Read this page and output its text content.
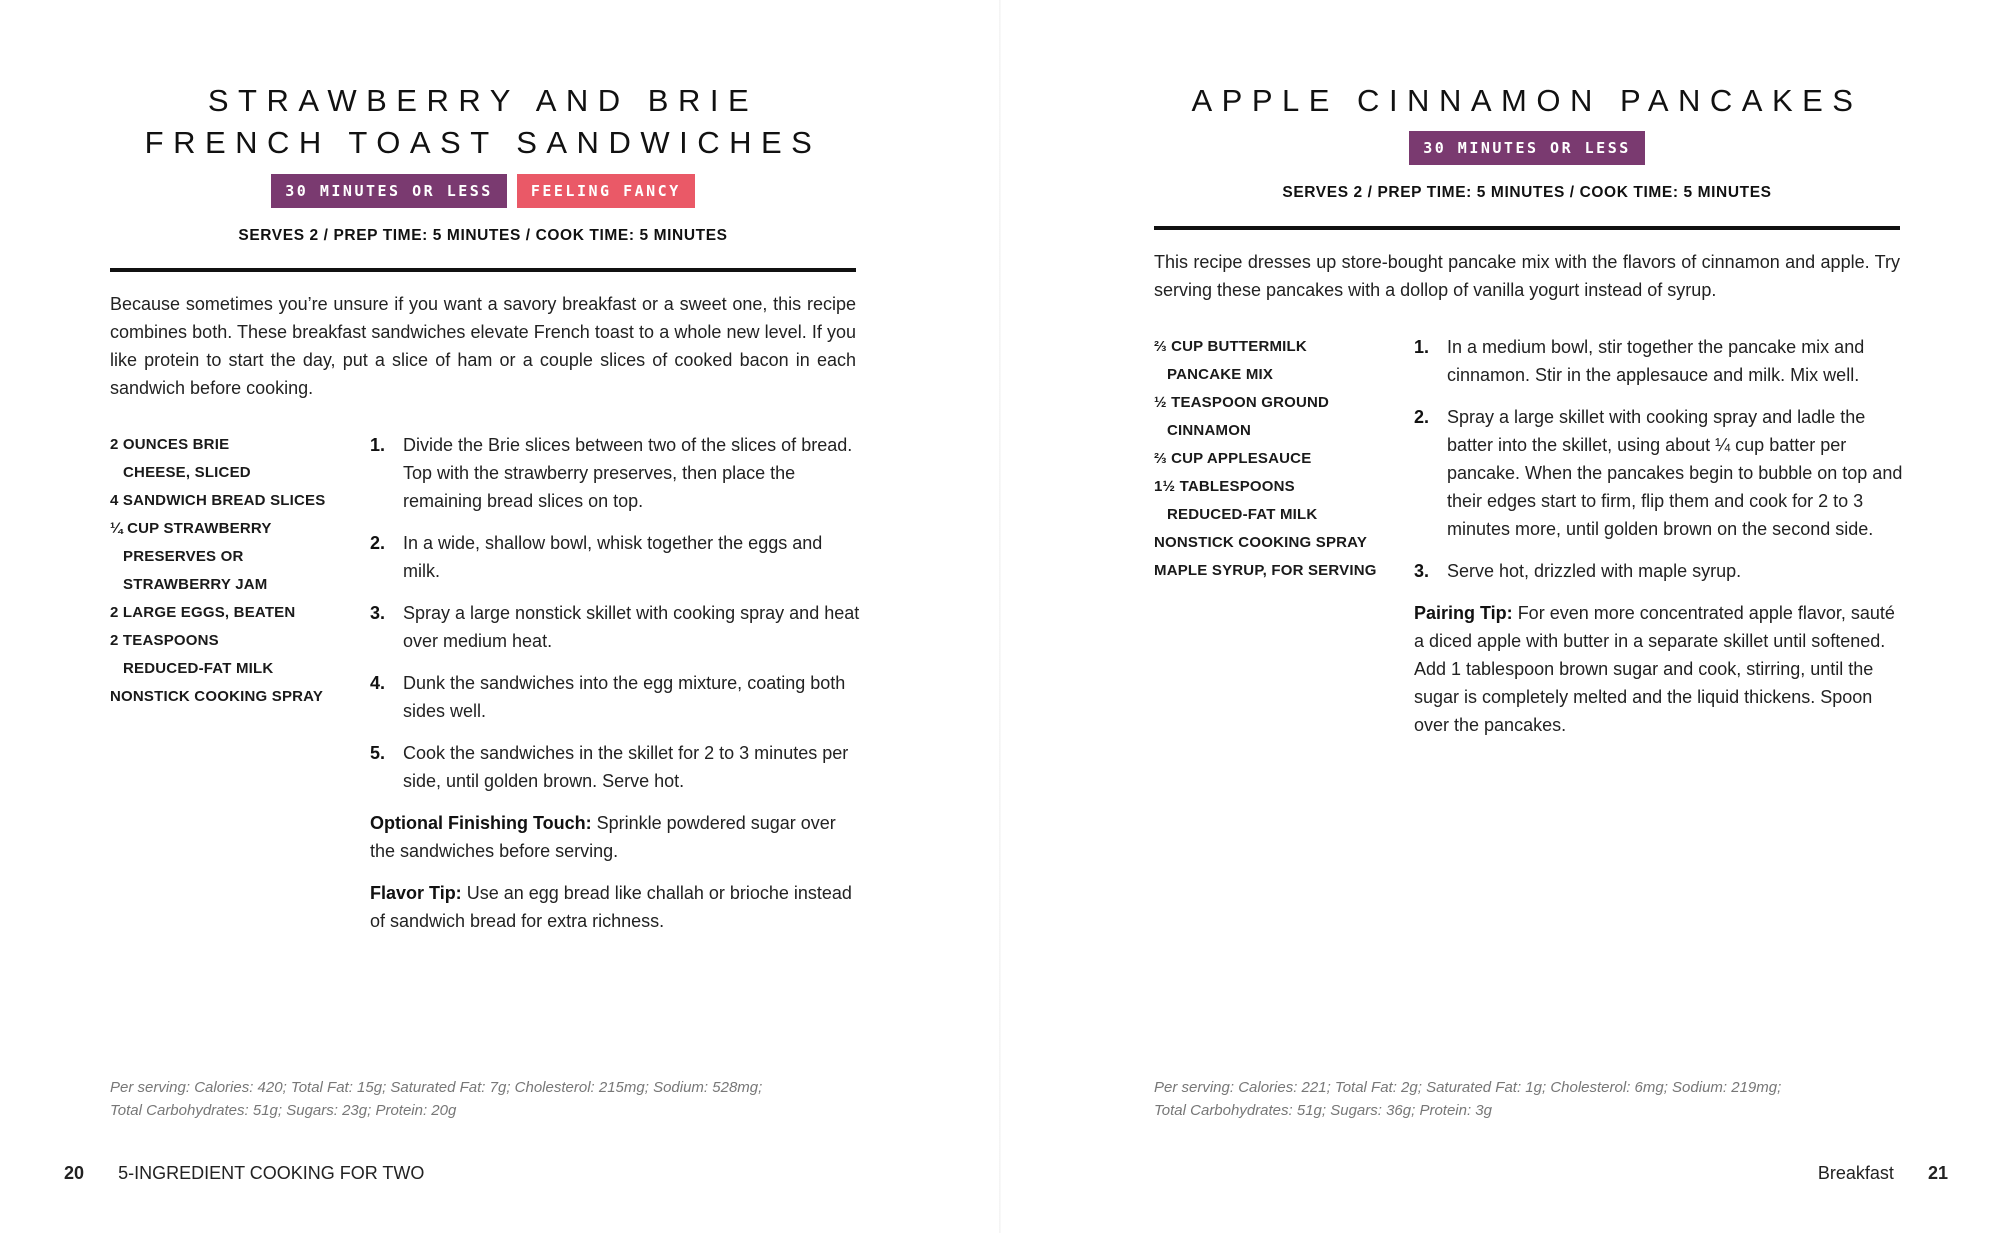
STRAWBERRY AND BRIE
FRENCH TOAST SANDWICHES
30 MINUTES OR LESS	FEELING FANCY
SERVES 2 / PREP TIME: 5 MINUTES / COOK TIME: 5 MINUTES

Because sometimes you’re unsure if you want a savory breakfast or a sweet one, this recipe combines both. These breakfast sandwiches elevate French toast to a whole new level. If you like protein to start the day, put a slice of ham or a couple slices of cooked bacon in each sandwich before cooking.

2 OUNCES BRIE
CHEESE, SLICED
4 SANDWICH BREAD SLICES
¼ CUP STRAWBERRY
PRESERVES OR
STRAWBERRY JAM
2 LARGE EGGS, BEATEN
2 TEASPOONS
REDUCED-FAT MILK
NONSTICK COOKING SPRAY
1. Divide the Brie slices between two of the slices of bread. Top with the strawberry preserves, then place the remaining bread slices on top.
2. In a wide, shallow bowl, whisk together the eggs and milk.
3. Spray a large nonstick skillet with cooking spray and heat over medium heat.
4. Dunk the sandwiches into the egg mixture, coating both sides well.
5. Cook the sandwiches in the skillet for 2 to 3 minutes per side, until golden brown. Serve hot.

Optional Finishing Touch: Sprinkle powdered sugar over the sandwiches before serving.

Flavor Tip: Use an egg bread like challah or brioche instead of sandwich bread for extra richness.

Per serving: Calories: 420; Total Fat: 15g; Saturated Fat: 7g; Cholesterol: 215mg; Sodium: 528mg;
Total Carbohydrates: 51g; Sugars: 23g; Protein: 20g
20 5-INGREDIENT COOKING FOR TWO
APPLE CINNAMON PANCAKES
30 MINUTES OR LESS
SERVES 2 / PREP TIME: 5 MINUTES / COOK TIME: 5 MINUTES

This recipe dresses up store-bought pancake mix with the flavors of cinnamon and apple. Try serving these pancakes with a dollop of vanilla yogurt instead of syrup.

⅔ CUP BUTTERMILK
PANCAKE MIX
½ TEASPOON GROUND
CINNAMON
⅔ CUP APPLESAUCE
1½ TABLESPOONS
REDUCED-FAT MILK
NONSTICK COOKING SPRAY
MAPLE SYRUP, FOR SERVING
1. In a medium bowl, stir together the pancake mix and cinnamon. Stir in the applesauce and milk. Mix well.
2. Spray a large skillet with cooking spray and ladle the batter into the skillet, using about ¼ cup batter per pancake. When the pancakes begin to bubble on top and their edges start to firm, flip them and cook for 2 to 3 minutes more, until golden brown on the second side.
3. Serve hot, drizzled with maple syrup.

Pairing Tip: For even more concentrated apple flavor, sauté a diced apple with butter in a separate skillet until softened. Add 1 tablespoon brown sugar and cook, stirring, until the sugar is completely melted and the liquid thickens. Spoon over the pancakes.

Per serving: Calories: 221; Total Fat: 2g; Saturated Fat: 1g; Cholesterol: 6mg; Sodium: 219mg;
Total Carbohydrates: 51g; Sugars: 36g; Protein: 3g
Breakfast 21
